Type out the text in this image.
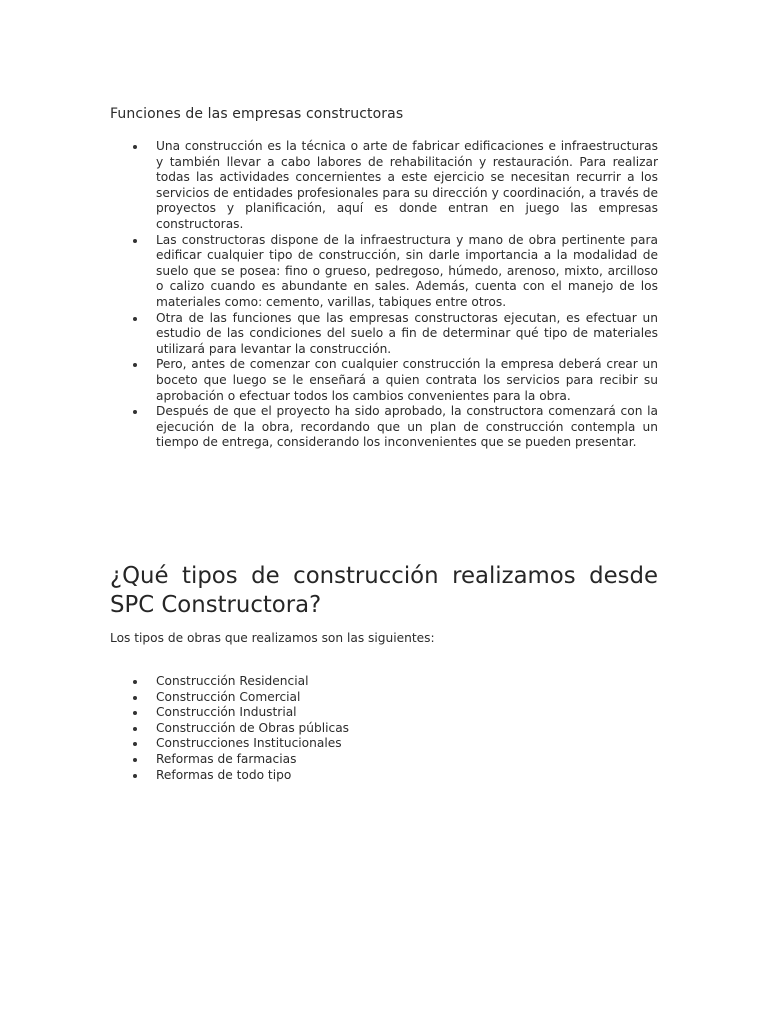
Funciones de las empresas constructoras
Una construcción es la técnica o arte de fabricar edificaciones e infraestructuras y también llevar a cabo labores de rehabilitación y restauración. Para realizar todas las actividades concernientes a este ejercicio se necesitan recurrir a los servicios de entidades profesionales para su dirección y coordinación, a través de proyectos y planificación, aquí es donde entran en juego las empresas constructoras.
Las constructoras dispone de la infraestructura y mano de obra pertinente para edificar cualquier tipo de construcción, sin darle importancia a la modalidad de suelo que se posea: fino o grueso, pedregoso, húmedo, arenoso, mixto, arcilloso o calizo cuando es abundante en sales. Además, cuenta con el manejo de los materiales como: cemento, varillas, tabiques entre otros.
Otra de las funciones que las empresas constructoras ejecutan, es efectuar un estudio de las condiciones del suelo a fin de determinar qué tipo de materiales utilizará para levantar la construcción.
Pero, antes de comenzar con cualquier construcción la empresa deberá crear un boceto que luego se le enseñará a quien contrata los servicios para recibir su aprobación o efectuar todos los cambios convenientes para la obra.
Después de que el proyecto ha sido aprobado, la constructora comenzará con la ejecución de la obra, recordando que un plan de construcción contempla un tiempo de entrega, considerando los inconvenientes que se pueden presentar.
¿Qué tipos de construcción realizamos desde SPC Constructora?

Los tipos de obras que realizamos son las siguientes:

Construcción Residencial
Construcción Comercial
Construcción Industrial
Construcción de Obras públicas
Construcciones Institucionales
Reformas de farmacias
Reformas de todo tipo
